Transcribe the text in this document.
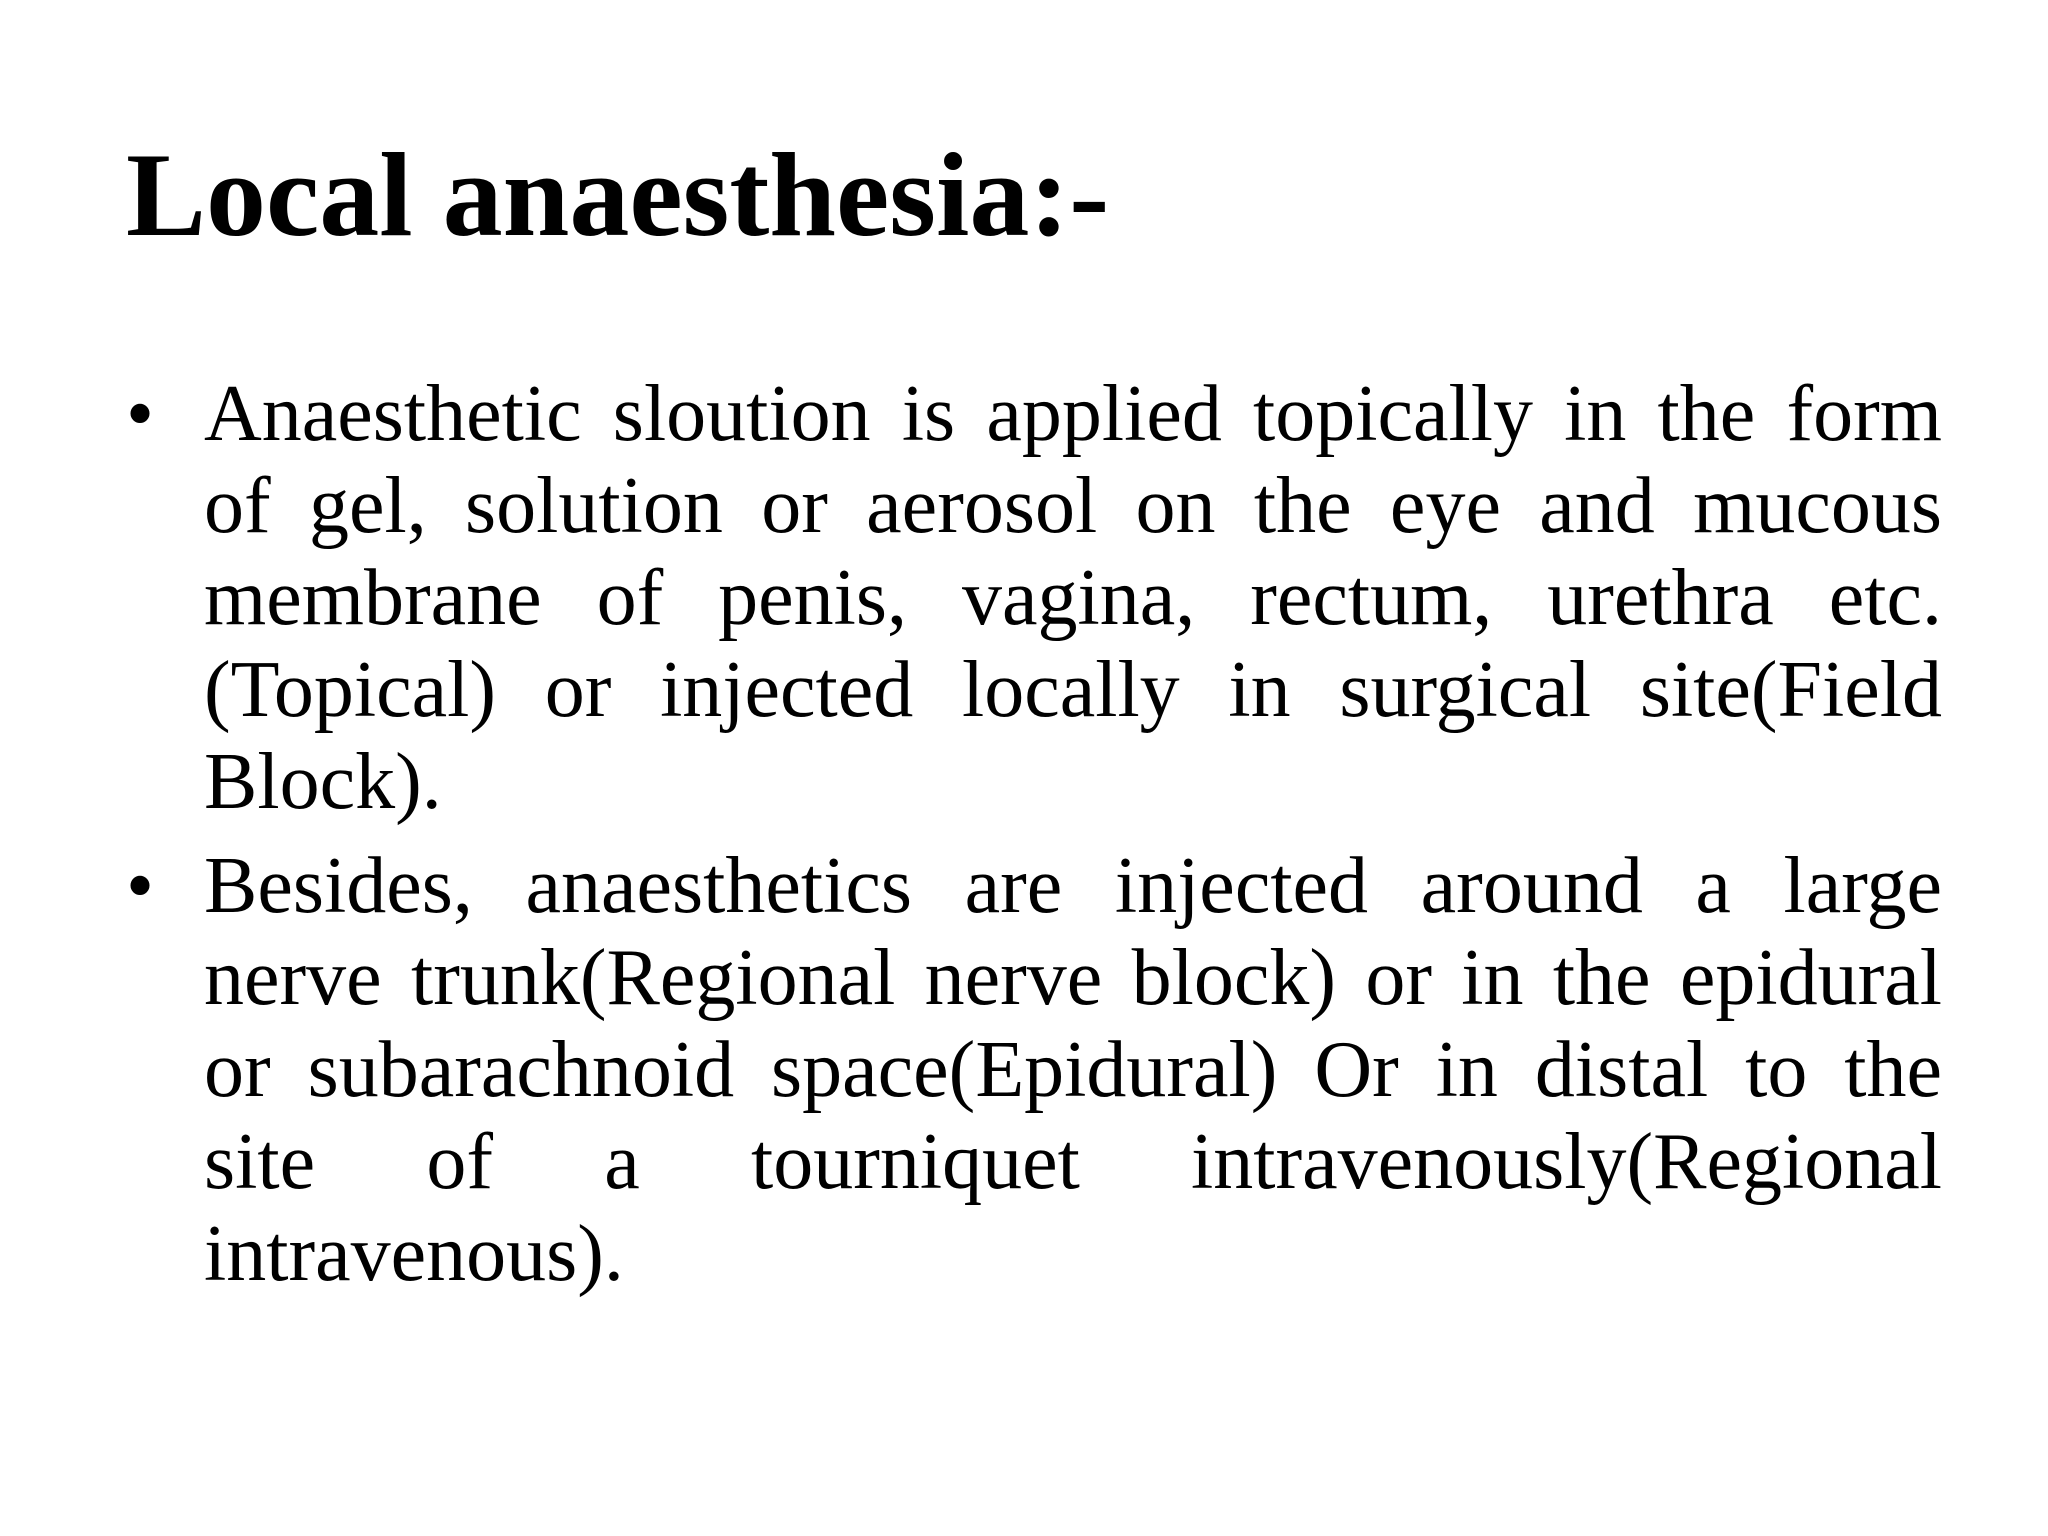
Local anaesthesia:-
• Anaesthetic sloution is applied topically in the form of gel, solution or aerosol on the eye and mucous membrane of penis, vagina, rectum, urethra etc.(Topical) or injected locally in surgical site(Field Block).
• Besides, anaesthetics are injected around a large nerve trunk(Regional nerve block) or in the epidural or subarachnoid space(Epidural) Or in distal to the site of a tourniquet intravenously(Regional intravenous).
